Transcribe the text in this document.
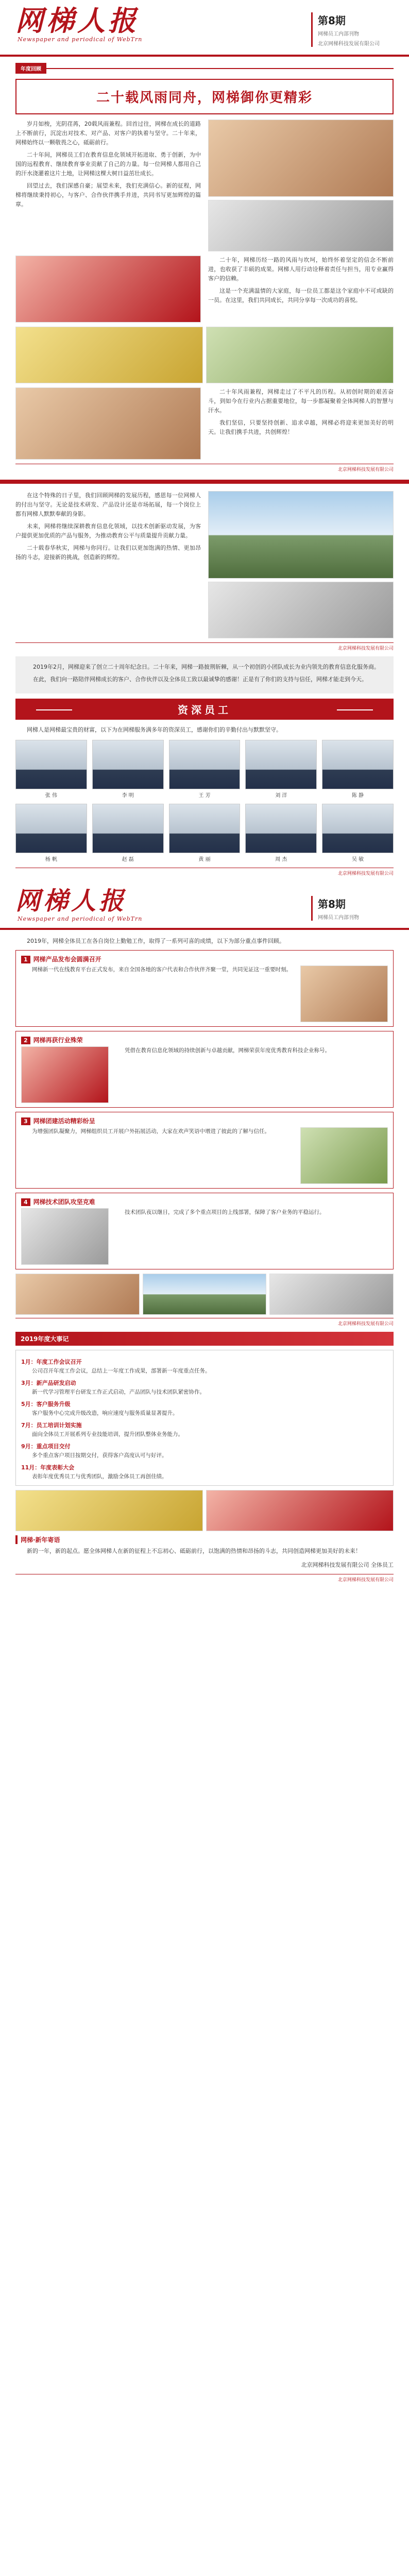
网梯人报
Newspaper and periodical of WebTrn
第8期
网梯员工内部刊物
北京网梯科技发展有限公司
年度回顾
二十载风雨同舟，网梯御你更精彩

岁月如梭，光阴荏苒，20载风雨兼程。回首过往，网梯在成长的道路上不断前行，沉淀出对技术、对产品、对客户的执着与坚守。二十年来，网梯始终以一颗敬畏之心，砥砺前行。

二十年间，网梯员工们在教育信息化领域开拓进取、勇于创新，为中国的远程教育、继续教育事业贡献了自己的力量。每一位网梯人都用自己的汗水浇灌着这片土地，让网梯这棵大树日益茁壮成长。

回望过去，我们深感自豪；展望未来，我们充满信心。新的征程，网梯将继续秉持初心，与客户、合作伙伴携手并进，共同书写更加辉煌的篇章。

二十年，网梯历经一路的风雨与坎坷，始终怀着坚定的信念不断前进，也收获了丰硕的成果。网梯人用行动诠释着责任与担当，用专业赢得客户的信赖。

这是一个充满温情的大家庭，每一位员工都是这个家庭中不可或缺的一员。在这里，我们共同成长，共同分享每一次成功的喜悦。

二十年风雨兼程，网梯走过了不平凡的历程。从初创时期的艰苦奋斗，到如今在行业内占据重要地位，每一步都凝聚着全体网梯人的智慧与汗水。

我们坚信，只要坚持创新、追求卓越，网梯必将迎来更加美好的明天。让我们携手共进，共创辉煌！

北京网梯科技发展有限公司

在这个特殊的日子里，我们回顾网梯的发展历程，感恩每一位网梯人的付出与坚守。无论是技术研发、产品设计还是市场拓展，每一个岗位上都有网梯人默默奉献的身影。

未来，网梯将继续深耕教育信息化领域，以技术创新驱动发展，为客户提供更加优质的产品与服务，为推动教育公平与质量提升贡献力量。

二十载春华秋实，网梯与你同行。让我们以更加饱满的热情、更加昂扬的斗志，迎接新的挑战，创造新的辉煌。

北京网梯科技发展有限公司

2019年2月，网梯迎来了创立二十周年纪念日。二十年来，网梯一路披荆斩棘，从一个初创的小团队成长为业内领先的教育信息化服务商。

在此，我们向一路陪伴网梯成长的客户、合作伙伴以及全体员工致以最诚挚的感谢！正是有了你们的支持与信任，网梯才能走到今天。

资深员工

网梯人是网梯最宝贵的财富，以下为在网梯服务满多年的资深员工，感谢你们的辛勤付出与默默坚守。

张 伟	李 明	王 芳	刘 洋	陈 静
杨 帆	赵 磊	黄 丽	周 杰	吴 敏
北京网梯科技发展有限公司
网梯人报
Newspaper and periodical of WebTrn
第8期
网梯员工内部刊物

2019年，网梯全体员工在各自岗位上勤勉工作，取得了一系列可喜的成绩，以下为部分重点事件回顾。

1 网梯产品发布会圆满召开

网梯新一代在线教育平台正式发布，来自全国各地的客户代表和合作伙伴齐聚一堂，共同见证这一重要时刻。

2 网梯再获行业殊荣

凭借在教育信息化领域的持续创新与卓越贡献，网梯荣获年度优秀教育科技企业称号。

3 网梯团建活动精彩纷呈

为增强团队凝聚力，网梯组织员工开展户外拓展活动，大家在欢声笑语中增进了彼此的了解与信任。

4 网梯技术团队攻坚克难

技术团队夜以继日，完成了多个重点项目的上线部署，保障了客户业务的平稳运行。

北京网梯科技发展有限公司
2019年度大事记
1月：年度工作会议召开

公司召开年度工作会议，总结上一年度工作成果，部署新一年度重点任务。

3月：新产品研发启动

新一代学习管理平台研发工作正式启动，产品团队与技术团队紧密协作。

5月：客户服务升级

客户服务中心完成升级改造，响应速度与服务质量显著提升。

7月：员工培训计划实施

面向全体员工开展系列专业技能培训，提升团队整体业务能力。

9月：重点项目交付

多个重点客户项目按期交付，获得客户高度认可与好评。

11月：年度表彰大会

表彰年度优秀员工与优秀团队，激励全体员工再创佳绩。

网梯·新年寄语

新的一年，新的起点。愿全体网梯人在新的征程上不忘初心、砥砺前行，以饱满的热情和昂扬的斗志，共同创造网梯更加美好的未来！

北京网梯科技发展有限公司 全体员工

北京网梯科技发展有限公司
